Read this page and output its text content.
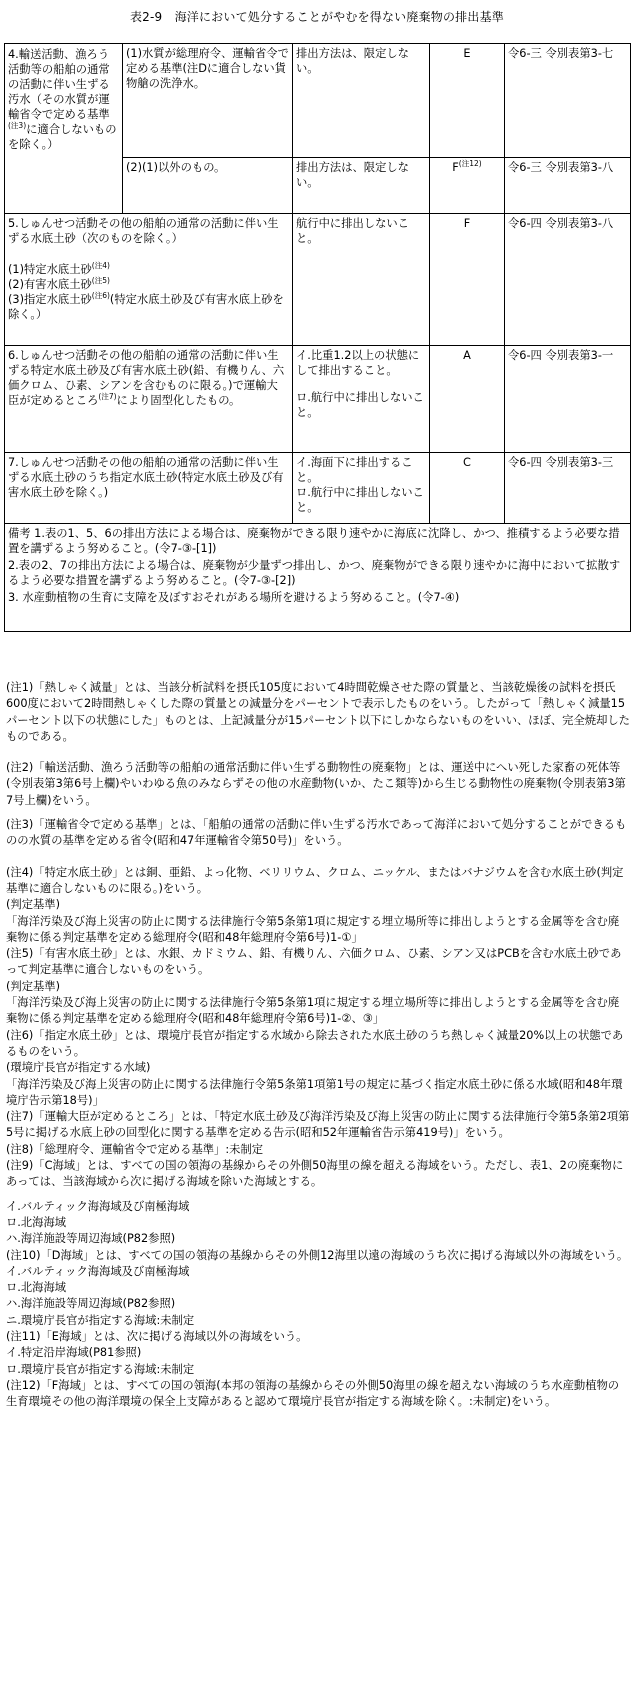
表2-9　海洋において処分することがやむを得ない廃棄物の排出基準
4.輸送活動、漁ろう活動等の船舶の通常の活動に伴い生ずる汚水（その水質が運輸省令で定める基準$^{(注3)}$に適合しないものを除く。）	(1)水質が総理府令、運輸省令で定める基準(注Dに適合しない貨物艙の洗浄水。	排出方法は、限定しない。	E	令6-三 令別表第3-七
	(2)(1)以外のもの。	排出方法は、限定しない。	$F^{(注12)}$	令6-三 令別表第3-八

5.しゅんせつ活動その他の船舶の通常の活動に伴い生ずる水底土砂（次のものを除く。）
(1)特定水底土砂$^{(注4)}$
(2)有害水底土砂$^{(注5)}$
(3)指定水底土砂$^{(注6)}$(特定水底土砂及び有害水底上砂を除く。）		航行中に排出しないこと。	F	令6-四 令別表第3-八
6.しゅんせつ活動その他の船舶の通常の活動に伴い生ずる特定水底土砂及び有害水底土砂(鉛、有機りん、六価クロム、ひ素、シアンを含むものに限る。)で運輸大臣が定めるところ$^{(注7)}$により固型化したもの。		イ.比重1.2以上の状態にして排出すること。
ロ.航行中に排出しないこと。	A	令6-四 令別表第3-一
7.しゅんせつ活動その他の船舶の通常の活動に伴い生ずる水底土砂のうち指定水底土砂(特定水底土砂及び有害水底土砂を除く。)		イ.海面下に排出すること。
ロ.航行中に排出しないこと。	C	令6-四 令別表第3-三

備考 1.表の1、5、6の排出方法による場合は、廃棄物ができる限り速やかに海底に沈降し、かつ、推積するよう必要な措置を講ずるよう努めること。(令7-③-[1])

2.表の2、7の排出方法による場合は、廃棄物が少量ずつ排出し、かつ、廃棄物ができる限り速やかに海中において拡散するよう必要な措置を講ずるよう努めること。(令7-③-[2])

3. 水産動植物の生育に支障を及ぼすおそれがある場所を避けるよう努めること。(令7-④)				

(注1)「熱しゃく減量」とは、当該分析試料を摂氏105度において4時間乾燥させた際の質量と、当該乾燥後の試料を摂氏600度において2時間熱しゃくした際の質量との減量分をパーセントで表示したものをいう。したがって「熱しゃく減量15パーセント以下の状態にした」ものとは、上記減量分が15パーセント以下にしかならないものをいい、ほぼ、完全焼却したものである。

(注2)「輸送活動、漁ろう活動等の船舶の通常活動に伴い生ずる動物性の廃棄物」とは、運送中にへい死した家畜の死体等(令別表第3第6号上欄)やいわゆる魚のみならずその他の水産動物(いか、たこ類等)から生じる動物性の廃棄物(令別表第3第7号上欄)をいう。

(注3)「運輸省令で定める基準」とは、「船舶の通常の活動に伴い生ずる汚水であって海洋において処分することができるものの水質の基準を定める省令(昭和47年運輸省令第50号)」をいう。

(注4)「特定水底土砂」とは銅、亜鉛、よっ化物、ベリリウム、クロム、ニッケル、またはバナジウムを含む水底土砂(判定基準に適合しないものに限る。)をいう。

(判定基準)

「海洋汚染及び海上災害の防止に関する法律施行令第5条第1項に規定する埋立場所等に排出しようとする金属等を含む廃棄物に係る判定基準を定める総理府令(昭和48年総理府令第6号)1-①」

(注5)「有害水底土砂」とは、水銀、カドミウム、鉛、有機りん、六価クロム、ひ素、シアン又はPCBを含む水底土砂であって判定基準に適合しないものをいう。

(判定基準)

「海洋汚染及び海上災害の防止に関する法律施行令第5条第1項に規定する埋立場所等に排出しようとする金属等を含む廃棄物に係る判定基準を定める総理府令(昭和48年総理府令第6号)1-②、③」

(注6)「指定水底土砂」とは、環境庁長官が指定する水域から除去された水底土砂のうち熱しゃく減量20%以上の状態であるものをいう。

(環境庁長官が指定する水域)

「海洋汚染及び海上災害の防止に関する法律施行令第5条第1項第1号の規定に基づく指定水底土砂に係る水域(昭和48年環境庁告示第18号)」

(注7)「運輸大臣が定めるところ」とは、「特定水底土砂及び海洋汚染及び海上災害の防止に関する法律施行令第5条第2項第5号に掲げる水底上砂の回型化に関する基準を定める告示(昭和52年運輸省告示第419号)」をいう。

(注8)「総理府令、運輸省令で定める基準」:未制定

(注9)「C海域」とは、すべての国の領海の基線からその外側50海里の線を超える海域をいう。ただし、表1、2の廃棄物にあっては、当該海域から次に掲げる海域を除いた海域とする。

イ.バルティック海海域及び南極海域

ロ.北海海域

ハ.海洋施設等周辺海域(P82参照)

(注10)「D海域」とは、すべての国の領海の基線からその外側12海里以遠の海域のうち次に掲げる海域以外の海域をいう。

イ.バルティック海海域及び南極海域

ロ.北海海域

ハ.海洋施設等周辺海域(P82参照)

ニ.環境庁長官が指定する海域:未制定

(注11)「E海域」とは、次に掲げる海域以外の海域をいう。

イ.特定沿岸海域(P81参照)

ロ.環境庁長官が指定する海域:未制定

(注12)「F海域」とは、すべての国の領海(本邦の領海の基線からその外側50海里の線を超えない海域のうち水産動植物の生育環境その他の海洋環境の保全上支障があると認めて環境庁長官が指定する海域を除く。:未制定)をいう。
